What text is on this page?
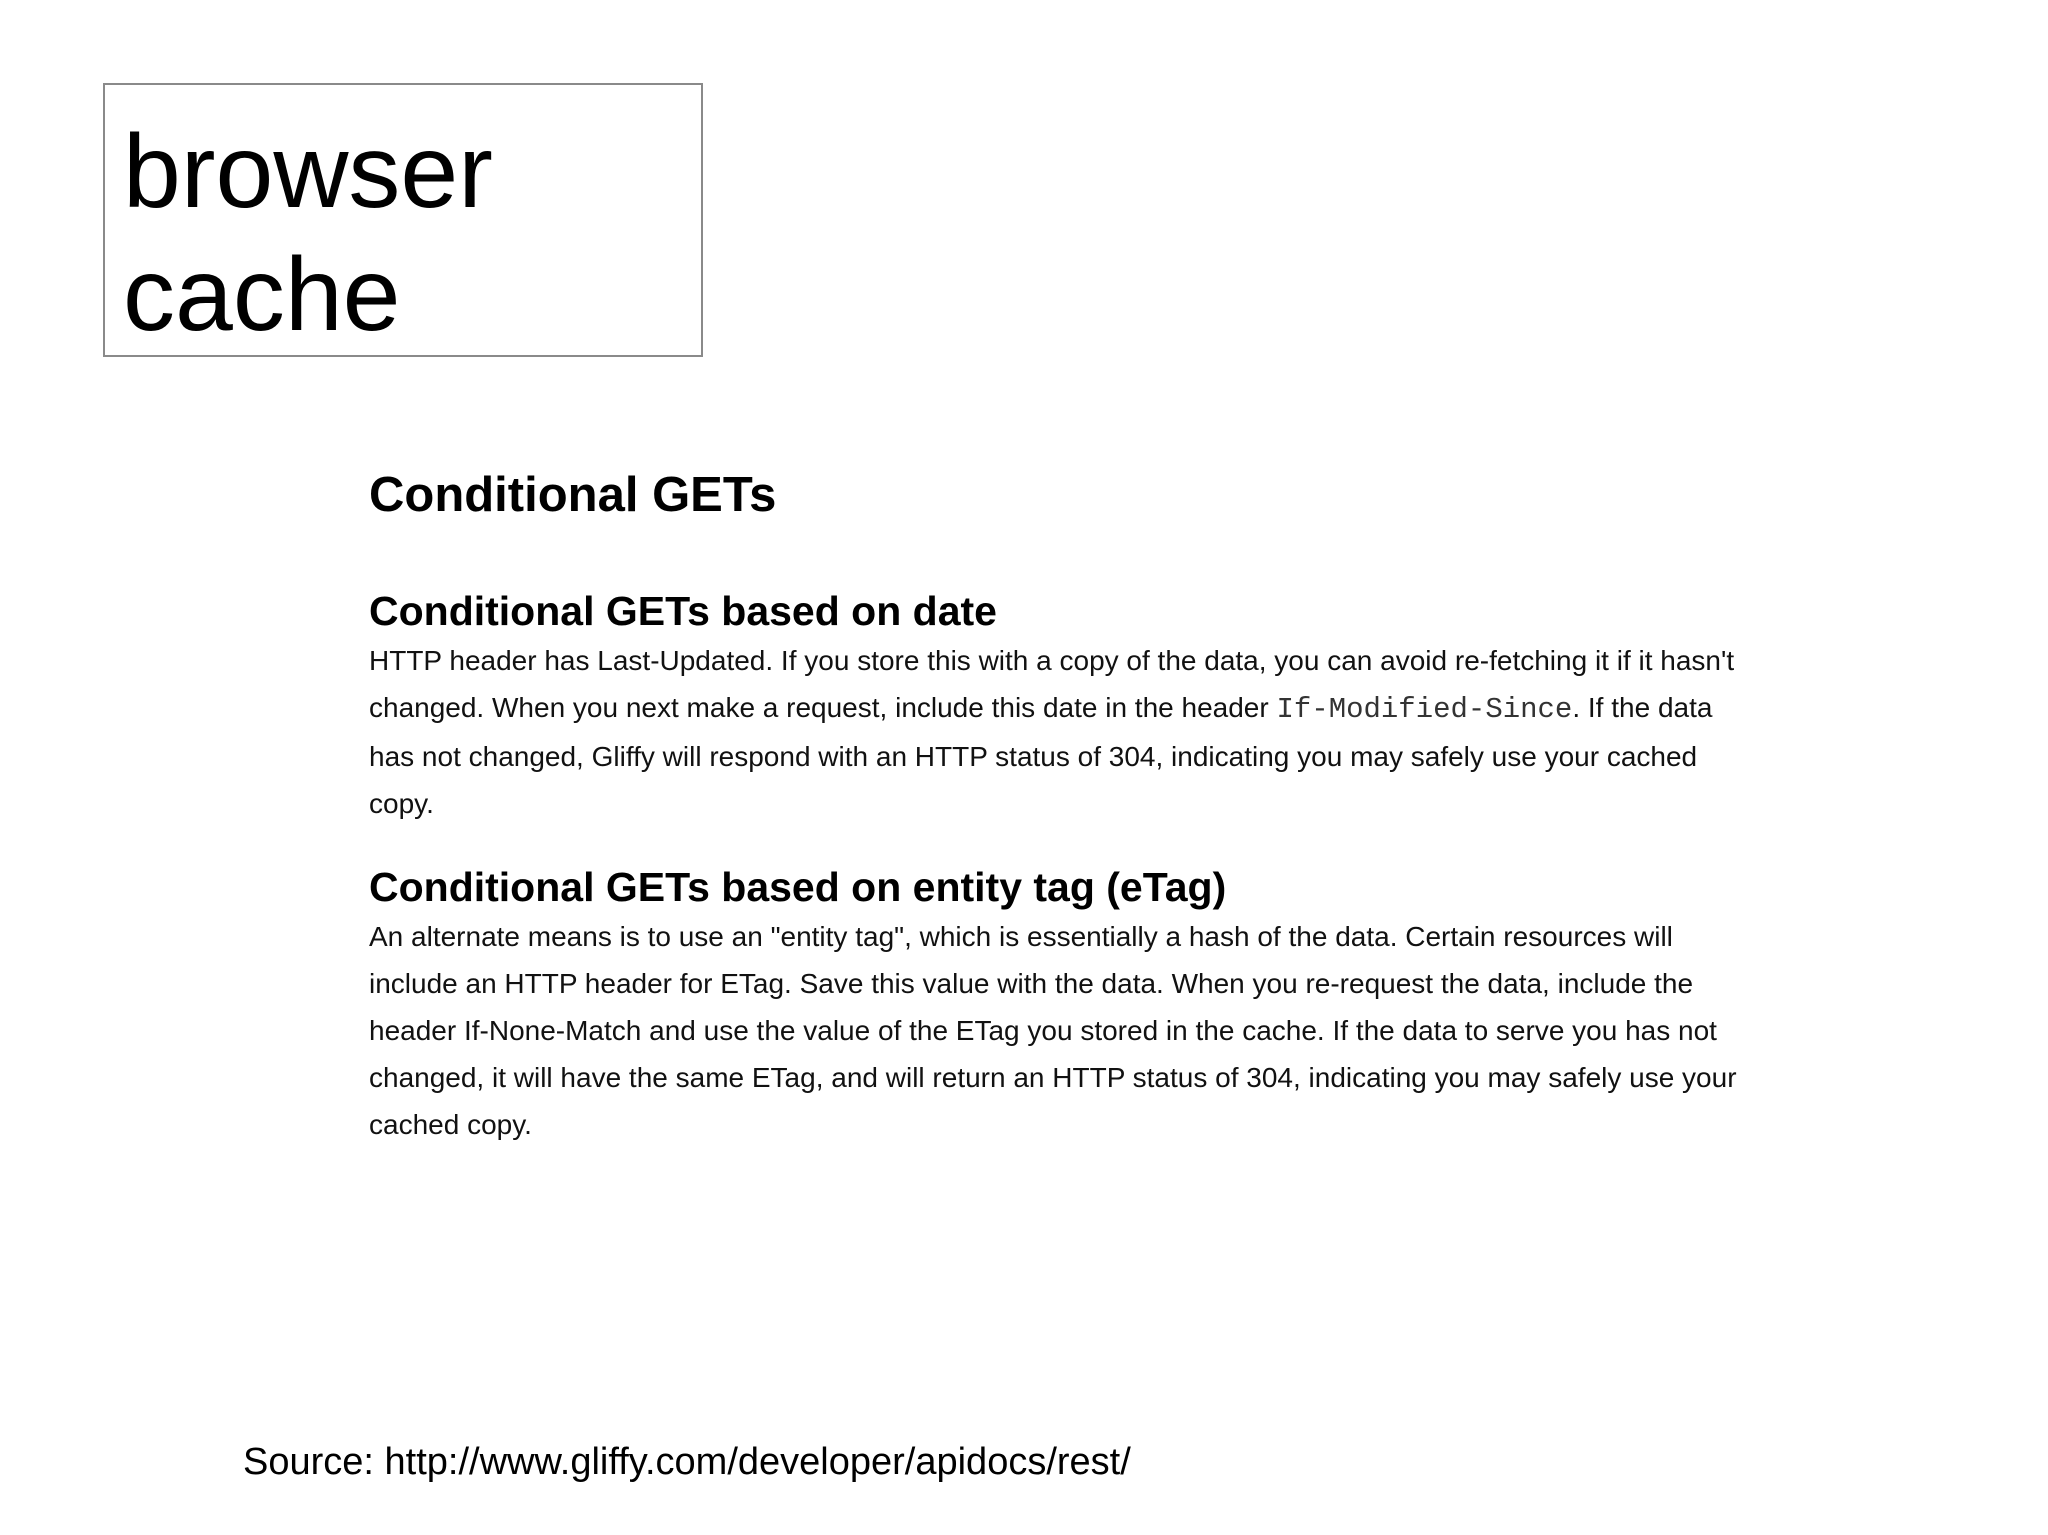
browser
cache

Conditional GETs
Conditional GETs based on date

HTTP header has Last-Updated. If you store this with a copy of the data, you can avoid re-fetching it if it hasn't changed. When you next make a request, include this date in the header If-Modified-Since. If the data has not changed, Gliffy will respond with an HTTP status of 304, indicating you may safely use your cached copy.

Conditional GETs based on entity tag (eTag)

An alternate means is to use an "entity tag", which is essentially a hash of the data. Certain resources will include an HTTP header for ETag. Save this value with the data. When you re-request the data, include the header If-None-Match and use the value of the ETag you stored in the cache. If the data to serve you has not changed, it will have the same ETag, and will return an HTTP status of 304, indicating you may safely use your cached copy.

Source: http://www.gliffy.com/developer/apidocs/rest/
